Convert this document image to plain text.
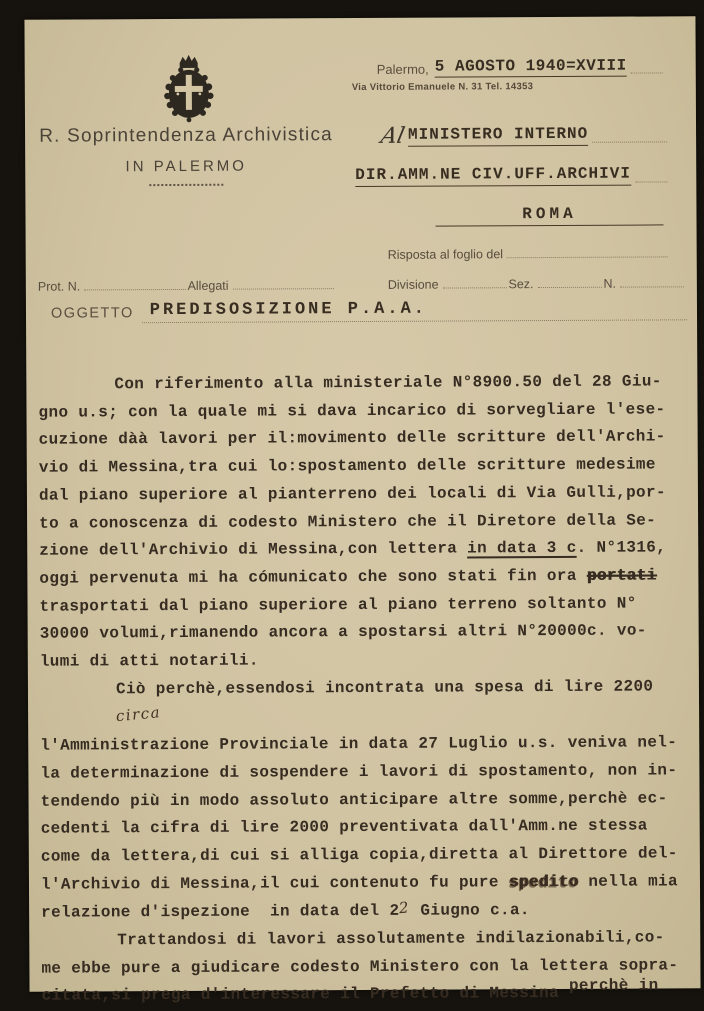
R. Soprintendenza Archivistica
IN PALERMO
Palermo, 5 AGOSTO 1940=XVIII
Via Vittorio Emanuele N. 31 Tel. 14353
Al MINISTERO INTERNO
DIR.AMM.NE CIV.UFF.ARCHIVI
ROMA
Risposta al foglio del
Prot. N.	Allegati	Divisione	Sez.	N.
OGGETTO PREDISOSIZIONE P.A.A.
Con riferimento alla ministeriale N°8900.50 del 28 Giu-
gno u.s; con la quale mi si dava incarico di sorvegliare l'ese-
cuzione dàà lavori per il:movimento delle scritture dell'Archi-
vio di Messina,tra cui lo:spostamento delle scritture medesime
dal piano superiore al pianterreno dei locali di Via Gulli,por-
to a conoscenza di codesto Ministero che il Diretore della Se-
zione dell'Archivio di Messina,con lettera in data 3 c. N°1316,
oggi pervenuta mi ha cómunicato che sono stati fin ora portati
trasportati dal piano superiore al piano terreno soltanto N°
30000 volumi,rimanendo ancora a spostarsi altri N°20000c. vo-
lumi di atti notarili.
Ciò perchè,essendosi incontrata una spesa di lire 2200 circa
l'Amministrazione Provinciale in data 27 Luglio u.s. veniva nel-
la determinazione di sospendere i lavori di spostamento, non in-
tendendo più in modo assoluto anticipare altre somme,perchè ec-
cedenti la cifra di lire 2000 preventivata dall'Amm.ne stessa
come da lettera,di cui si alliga copia,diretta al Direttore del-
l'Archivio di Messina,il cui contenuto fu pure spedito nella mia
relazione d'ispezione  in data del 22 Giugno c.a.
Trattandosi di lavori assolutamente indilazionabili,co-
me ebbe pure a giudicare codesto Ministero con la lettera sopra-
citata,si prega d'interessare il Prefetto di Messina perchè in
